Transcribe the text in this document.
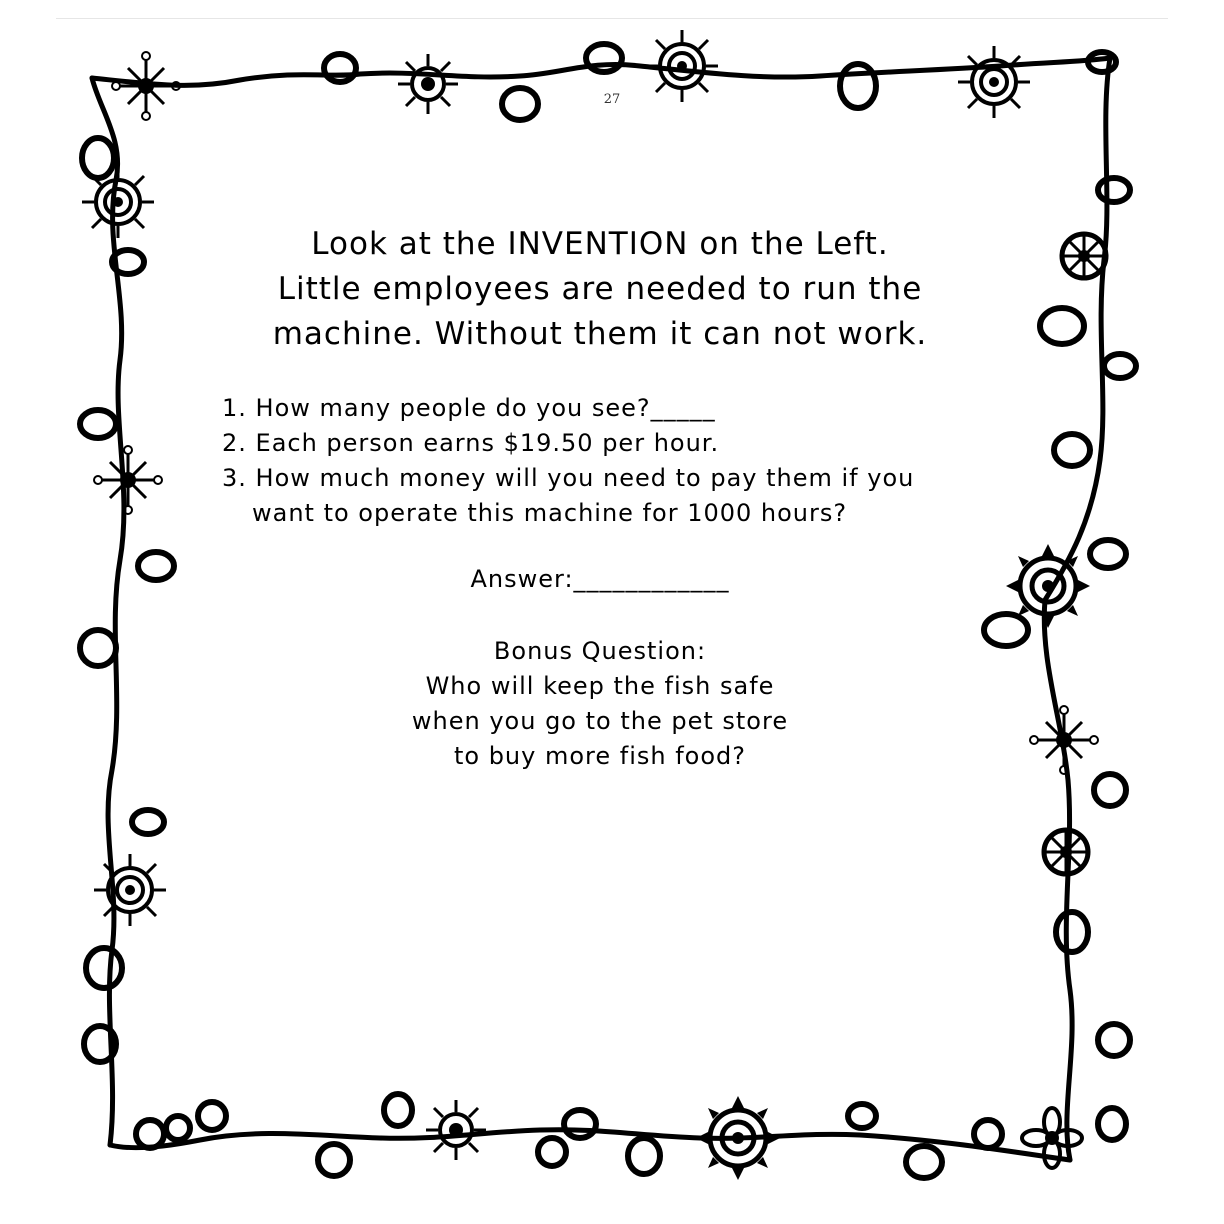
27
Look at the INVENTION on the Left.
Little employees are needed to run the
machine. Without them it can not work.

1. How many people do you see?_____

2. Each person earns $19.50 per hour.

3. How much money will you need to pay them if you

want to operate this machine for 1000 hours?

Answer:____________

Bonus Question:

Who will keep the fish safe

when you go to the pet store

to buy more fish food?
